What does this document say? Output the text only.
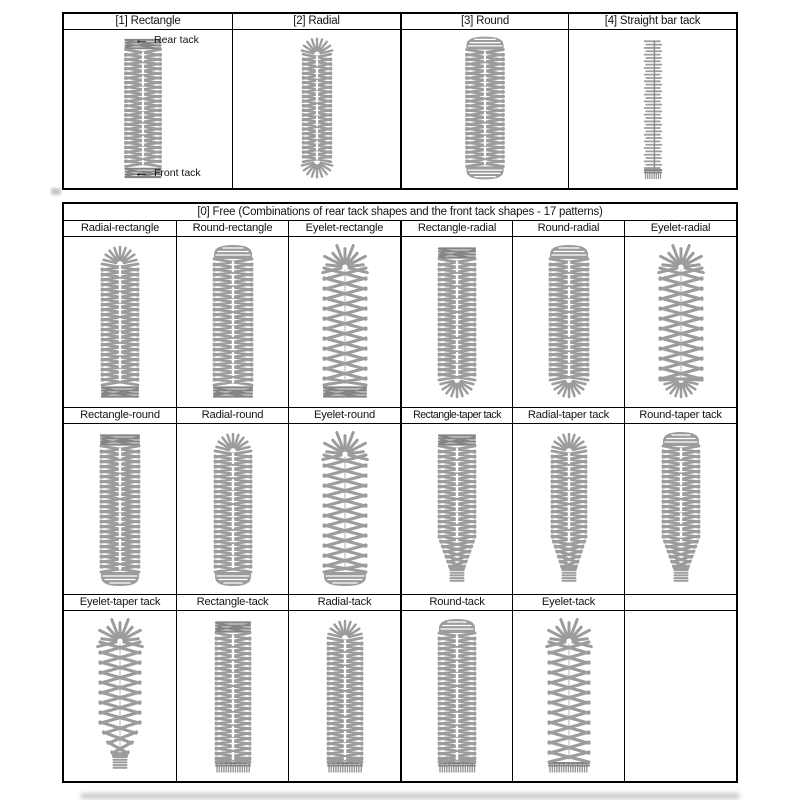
[1] Rectangle	[2] Radial	[3] Round	[4] Straight bar tack
← Rear tack
← Front tack
[0] Free (Combinations of rear tack shapes and the front tack shapes - 17 patterns)
Radial-rectangle	Round-rectangle	Eyelet-rectangle	Rectangle-radial	Round-radial	Eyelet-radial
Rectangle-round	Radial-round	Eyelet-round	Rectangle-taper tack	Radial-taper tack	Round-taper tack
Eyelet-taper tack	Rectangle-tack	Radial-tack	Round-tack	Eyelet-tack
